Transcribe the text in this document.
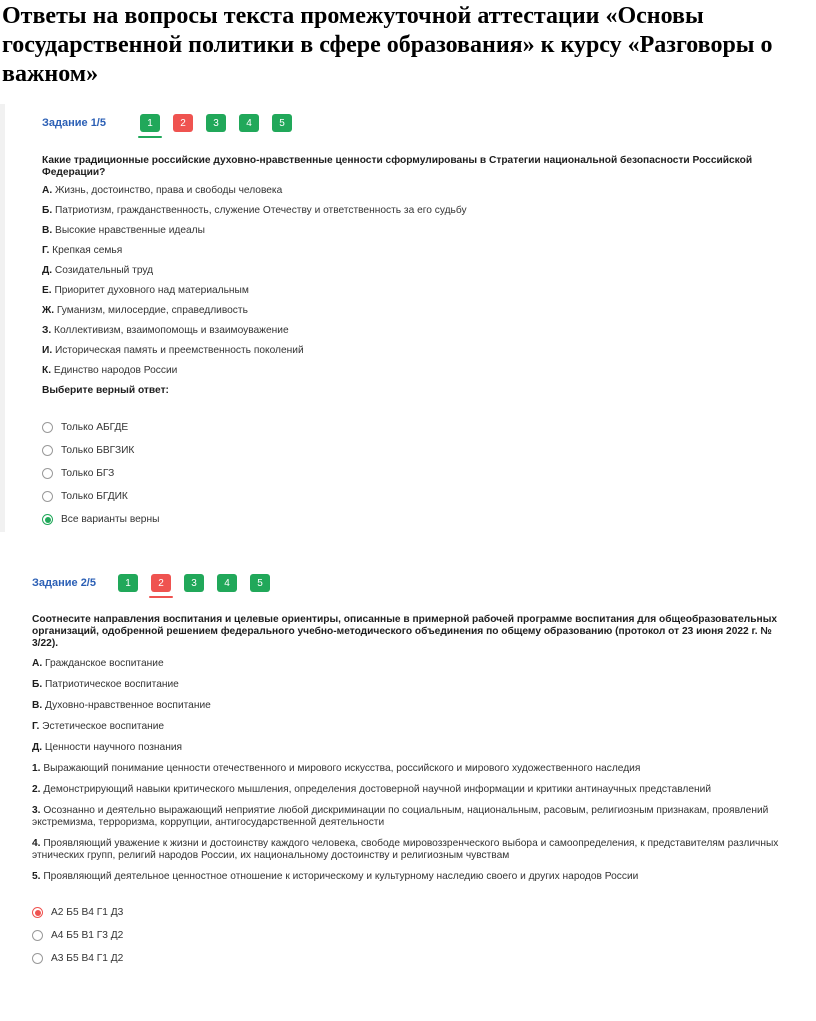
Ответы на вопросы текста промежуточной аттестации «Основы государственной политики в сфере образования» к курсу «Разговоры о важном»
Задание 1/5	1	2	3	4	5
Какие традиционные российские духовно-нравственные ценности сформулированы в Стратегии национальной безопасности Российской Федерации?
А. Жизнь, достоинство, права и свободы человека
Б. Патриотизм, гражданственность, служение Отечеству и ответственность за его судьбу
В. Высокие нравственные идеалы
Г. Крепкая семья
Д. Созидательный труд
Е. Приоритет духовного над материальным
Ж. Гуманизм, милосердие, справедливость
З. Коллективизм, взаимопомощь и взаимоуважение
И. Историческая память и преемственность поколений
К. Единство народов России
Выберите верный ответ:
Только АБГДЕ
Только БВГЗИК
Только БГЗ
Только БГДИК
Все варианты верны
Задание 2/5	1	2	3	4	5
Соотнесите направления воспитания и целевые ориентиры, описанные в примерной рабочей программе воспитания для общеобразовательных организаций, одобренной решением федерального учебно-методического объединения по общему образованию (протокол от 23 июня 2022 г. № 3/22).
А. Гражданское воспитание
Б. Патриотическое воспитание
В. Духовно-нравственное воспитание
Г. Эстетическое воспитание
Д. Ценности научного познания
1. Выражающий понимание ценности отечественного и мирового искусства, российского и мирового художественного наследия
2. Демонстрирующий навыки критического мышления, определения достоверной научной информации и критики антинаучных представлений
3. Осознанно и деятельно выражающий неприятие любой дискриминации по социальным, национальным, расовым, религиозным признакам, проявлений экстремизма, терроризма, коррупции, антигосударственной деятельности
4. Проявляющий уважение к жизни и достоинству каждого человека, свободе мировоззренческого выбора и самоопределения, к представителям различных этнических групп, религий народов России, их национальному достоинству и религиозным чувствам
5. Проявляющий деятельное ценностное отношение к историческому и культурному наследию своего и других народов России
А2 Б5 В4 Г1 Д3
А4 Б5 В1 Г3 Д2
А3 Б5 В4 Г1 Д2
